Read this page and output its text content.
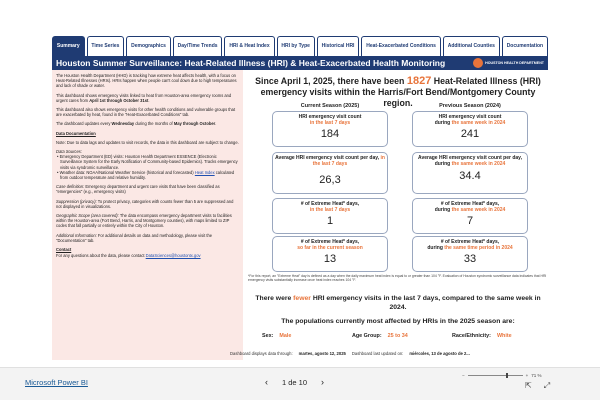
Summary	Time Series	Demographics	Day/Time Trends	HRI & Heat Index	HRI by Type	Historical HRI	Heat-Exacerbated Conditions	Additional Counties	Documentation
Houston Summer Surveillance: Heat-Related Illness (HRI) & Heat-Exacerbated Health Monitoring	HOUSTON HEALTH DEPARTMENT

The Houston Health Department (HHD) is tracking how extreme heat affects health, with a focus on Heat-Related Illnesses (HRIs). HRIs happen when people can't cool down due to high temperatures and lack of shade or water.

This dashboard shows emergency visits linked to heat from Houston-area emergency rooms and urgent cares from April 1st through October 31st.

This dashboard also shows emergency visits for other health conditions and vulnerable groups that are exacerbated by heat, found in the "Heat-Exacerbated Conditions" tab.

The dashboard updates every Wednesday during the months of May through October.

Data Documentation

Note: Due to data lags and updates to visit records, the data in this dashboard are subject to change.

Data Sources:

• Emergency Department (ED) visits: Houston Health Department ESSENCE (Electronic Surveillance System for the Early Notification of Community-based Epidemics). Tracks emergency visits via syndromic surveillance.
• Weather data: NOAA/National Weather Service (historical and forecasted) Heat Index calculated from outdoor temperature and relative humidity.

Case definition: Emergency department and urgent care visits that have been classified as "emergencies" (e.g., emergency visits)

Suppression (privacy): To protect privacy, categories with counts fewer than 5 are suppressed and not displayed in visualizations.

Geographic Scope (area covered): The data encompass emergency department visits to facilities within the Houston-area (Fort Bend, Harris, and Montgomery counties), with maps limited to ZIP codes that fall partially or entirely within the City of Houston.

Additional Information: For additional details on data and methodology, please visit the "Documentation" tab.

Contact

For any questions about the data, please contact DataSciences@houstontx.gov

Since April 1, 2025, there have been 1827 Heat-Related Illness (HRI) emergency visits within the Harris/Fort Bend/Montgomery County region.
Current Season (2025)	Previous Season (2024)
HRI emergency visit count
in the last 7 days
184
Average HRI emergency visit count per day, in the last 7 days
26,3
# of Extreme Heat* days,
in the last 7 days
1
# of Extreme Heat* days,
so far in the current season
13
HRI emergency visit count
during the same week in 2024
241
Average HRI emergency visit count per day,
during the same week in 2024
34.4
# of Extreme Heat* days,
during the same week in 2024
7
# of Extreme Heat* days,
during the same time period in 2024
33
*For this report, an "Extreme Heat" day is defined as a day when the daily maximum heat index is equal to or greater than 104 °F. Evaluation of Houston syndromic surveillance data indicates that HRI emergency visits substantially increase once heat index reaches 104 °F.
There were fewer HRI emergency visits in the last 7 days, compared to the same week in 2024.
The populations currently most affected by HRIs in the 2025 season are:
Sex: Male	Age Group: 25 to 34	Race/Ethnicity: White
Dashboard displays data through: martes, agosto 12, 2025 Dashboard last updated on: miércoles, 13 de agosto de 2...
Microsoft Power BI
−	+ 71 %
‹ 1 de 10 ›	⇱ ⤢
